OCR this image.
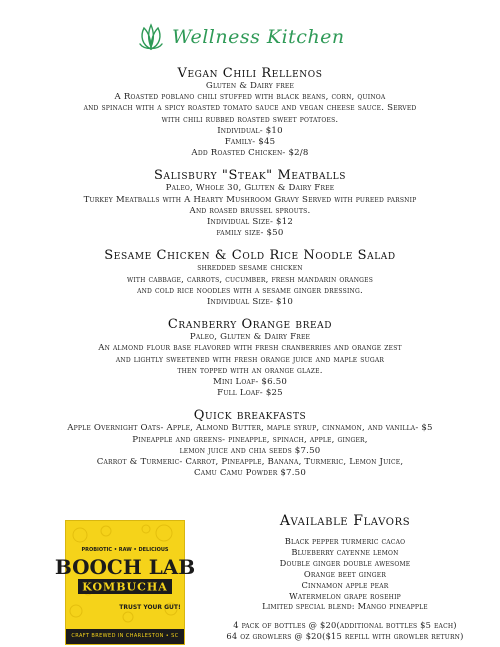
Wellness Kitchen
Vegan Chili Rellenos
Gluten & Dairy free
A Roasted poblano chili stuffed with black beans, corn, quinoa
and spinach with a spicy roasted tomato sauce and vegan cheese sauce. Served
with chili rubbed roasted sweet potatoes.
Individual- $10
Family- $45
Add Roasted Chicken- $2/8
Salisbury "Steak" Meatballs
Paleo, Whole 30, Gluten & Dairy Free
Turkey Meatballs with A Hearty Mushroom Gravy Served with pureed parsnip
And roased brussel sprouts.
Individual Size- $12
family size- $50
Sesame Chicken & Cold Rice Noodle Salad
shredded sesame chicken
with cabbage, carrots, cucumber, fresh mandarin oranges
and cold rice noodles with a sesame ginger dressing.
Individual Size- $10
Cranberry Orange bread
Paleo, Gluten & Dairy Free
An almond flour base flavored with fresh cranberries and orange zest
and lightly sweetened with fresh orange juice and maple sugar
then topped with an orange glaze.
Mini Loaf- $6.50
Full Loaf- $25
Quick breakfasts
Apple Overnight Oats- Apple, Almond Butter, maple syrup, cinnamon, and vanilla- $5
Pineapple and greens- pineapple, spinach, apple, ginger,
lemon juice and chia seeds $7.50
Carrot & Turmeric- Carrot, Pineapple, Banana, Turmeric, Lemon Juice,
Camu Camu Powder $7.50
PROBIOTIC • RAW • DELICIOUS
BOOCH LAB
KOMBUCHA
TRUST YOUR GUT!
CRAFT BREWED IN CHARLESTON • SC
Available Flavors
Black pepper turmeric cacao
Blueberry cayenne lemon
Double ginger double awesome
Orange beet ginger
Cinnamon apple pear
Watermelon grape rosehip
Limited special blend: Mango pineapple
4 pack of bottles @ $20(additional bottles $5 each)
64 oz growlers @ $20($15 refill with growler return)
